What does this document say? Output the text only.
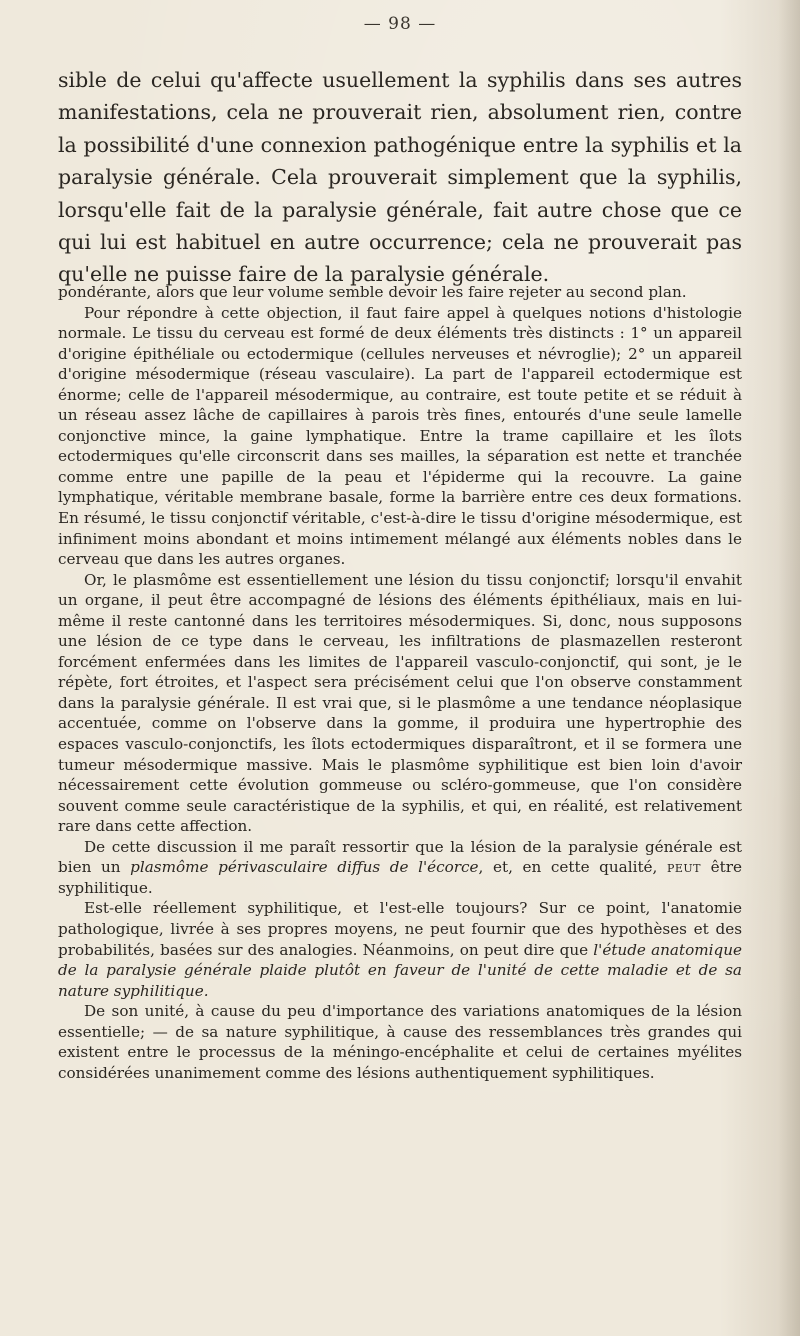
— 98 —

sible de celui qu'affecte usuellement la syphilis dans ses autres manifestations, cela ne prouverait rien, absolument rien, contre la possibilité d'une connexion pathogénique entre la syphilis et la paralysie générale. Cela prouverait simplement que la syphilis, lorsqu'elle fait de la paralysie générale, fait autre chose que ce qui lui est habituel en autre occurrence; cela ne prouverait pas qu'elle ne puisse faire de la paralysie générale.

pondérante, alors que leur volume semble devoir les faire rejeter au second plan.

Pour répondre à cette objection, il faut faire appel à quelques notions d'histologie normale. Le tissu du cerveau est formé de deux éléments très distincts : 1° un appareil d'origine épithéliale ou ectodermique (cellules nerveuses et névroglie); 2° un appareil d'origine mésodermique (réseau vasculaire). La part de l'appareil ectodermique est énorme; celle de l'appareil mésodermique, au contraire, est toute petite et se réduit à un réseau assez lâche de capillaires à parois très fines, entourés d'une seule lamelle conjonctive mince, la gaine lymphatique. Entre la trame capillaire et les îlots ectodermiques qu'elle circonscrit dans ses mailles, la séparation est nette et tranchée comme entre une papille de la peau et l'épiderme qui la recouvre. La gaine lymphatique, véritable membrane basale, forme la barrière entre ces deux formations. En résumé, le tissu conjonctif véritable, c'est-à-dire le tissu d'origine mésodermique, est infiniment moins abondant et moins intimement mélangé aux éléments nobles dans le cerveau que dans les autres organes.

Or, le plasmôme est essentiellement une lésion du tissu conjonctif; lorsqu'il envahit un organe, il peut être accompagné de lésions des éléments épithéliaux, mais en lui-même il reste cantonné dans les territoires mésodermiques. Si, donc, nous supposons une lésion de ce type dans le cerveau, les infiltrations de plasmazellen resteront forcément enfermées dans les limites de l'appareil vasculo-conjonctif, qui sont, je le répète, fort étroites, et l'aspect sera précisément celui que l'on observe constamment dans la paralysie générale. Il est vrai que, si le plasmôme a une tendance néoplasique accentuée, comme on l'observe dans la gomme, il produira une hypertrophie des espaces vasculo-conjonctifs, les îlots ectodermiques disparaîtront, et il se formera une tumeur mésodermique massive. Mais le plasmôme syphilitique est bien loin d'avoir nécessairement cette évolution gommeuse ou scléro-gommeuse, que l'on considère souvent comme seule caractéristique de la syphilis, et qui, en réalité, est relativement rare dans cette affection.

De cette discussion il me paraît ressortir que la lésion de la paralysie générale est bien un plasmôme périvasculaire diffus de l'écorce, et, en cette qualité, peut être syphilitique.

Est-elle réellement syphilitique, et l'est-elle toujours? Sur ce point, l'anatomie pathologique, livrée à ses propres moyens, ne peut fournir que des hypothèses et des probabilités, basées sur des analogies. Néanmoins, on peut dire que l'étude anatomique de la paralysie générale plaide plutôt en faveur de l'unité de cette maladie et de sa nature syphilitique.

De son unité, à cause du peu d'importance des variations anatomiques de la lésion essentielle; — de sa nature syphilitique, à cause des ressemblances très grandes qui existent entre le processus de la méningo-encéphalite et celui de certaines myélites considérées unanimement comme des lésions authentiquement syphilitiques.
